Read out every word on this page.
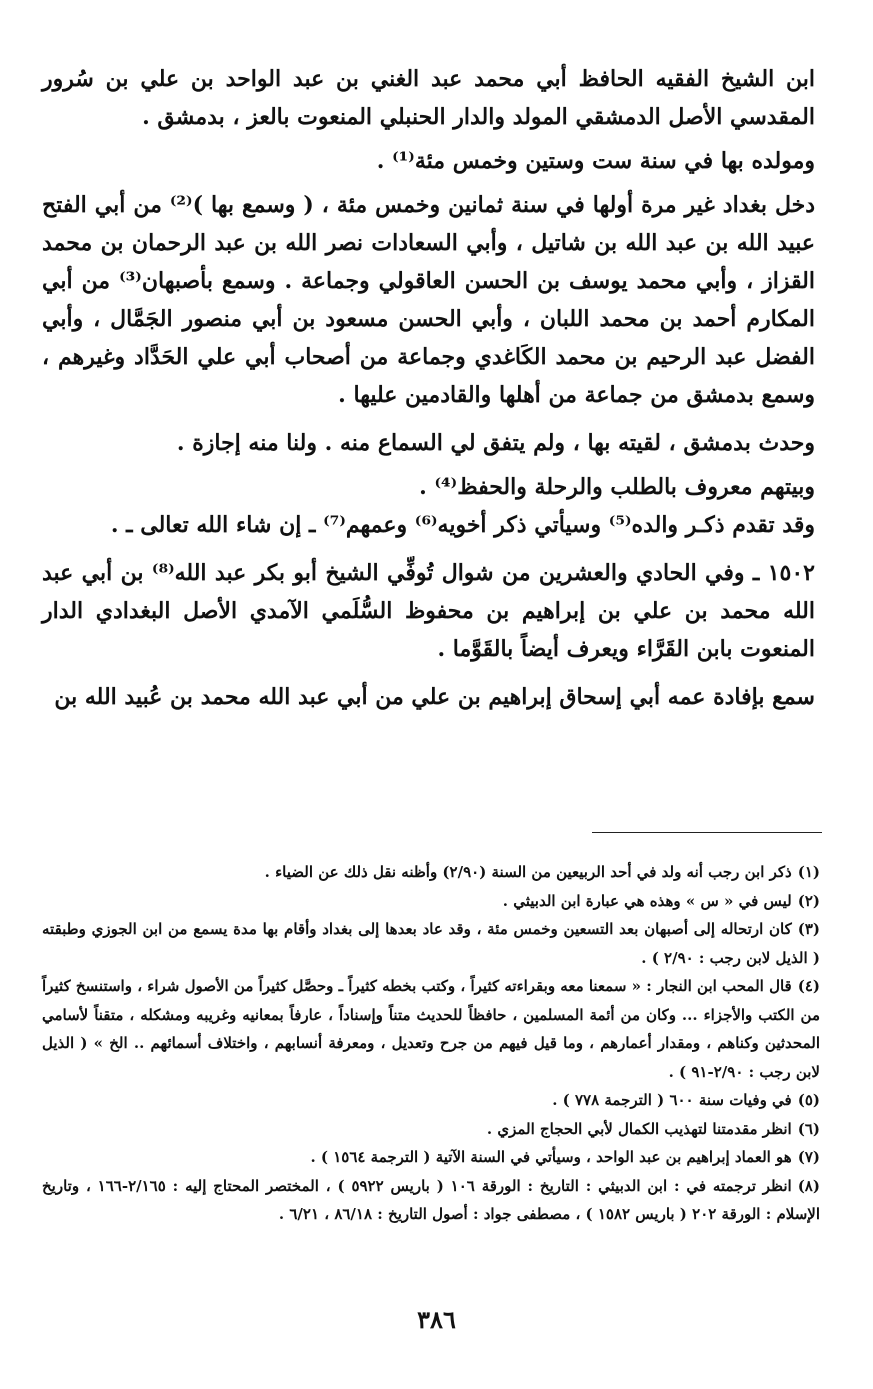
ابن الشيخ الفقيه الحافظ أبي محمد عبد الغني بن عبد الواحد بن علي بن سُرور المقدسي الأصل الدمشقي المولد والدار الحنبلي المنعوت بالعز ، بدمشق .

ومولده بها في سنة ست وستين وخمس مئة⁽¹⁾ .

دخل بغداد غير مرة أولها في سنة ثمانين وخمس مئة ، ( وسمع بها )⁽²⁾ من أبي الفتح عبيد الله بن عبد الله بن شاتيل ، وأبي السعادات نصر الله بن عبد الرحمان بن محمد القزاز ، وأبي محمد يوسف بن الحسن العاقولي وجماعة . وسمع بأصبهان⁽³⁾ من أبي المكارم أحمد بن محمد اللبان ، وأبي الحسن مسعود بن أبي منصور الجَمَّال ، وأبي الفضل عبد الرحيم بن محمد الكَاغدي وجماعة من أصحاب أبي علي الحَدَّاد وغيرهم ، وسمع بدمشق من جماعة من أهلها والقادمين عليها .

وحدث بدمشق ، لقيته بها ، ولم يتفق لي السماع منه . ولنا منه إجازة .

وبيتهم معروف بالطلب والرحلة والحفظ⁽⁴⁾ .

وقد تقدم ذكـر والده⁽⁵⁾ وسيأتي ذكر أخويه⁽⁶⁾ وعمهم⁽⁷⁾ ـ إن شاء الله تعالى ـ .

١٥٠٢ ـ وفي الحادي والعشرين من شوال تُوفِّي الشيخ أبو بكر عبد الله⁽⁸⁾ بن أبي عبد الله محمد بن علي بن إبراهيم بن محفوظ السُّلَمي الآمدي الأصل البغدادي الدار المنعوت بابن القَرَّاء ويعرف أيضاً بالقَوَّما .

سمع بإفادة عمه أبي إسحاق إبراهيم بن علي من أبي عبد الله محمد بن عُبيد الله بن

(١)ذكر ابن رجب أنه ولد في أحد الربيعين من السنة (٢/٩٠) وأظنه نقل ذلك عن الضياء .

(٢)ليس في « س » وهذه هي عبارة ابن الدبيثي .

(٣)كان ارتحاله إلى أصبهان بعد التسعين وخمس مئة ، وقد عاد بعدها إلى بغداد وأقام بها مدة يسمع من ابن الجوزي وطبقته ( الذيل لابن رجب : ٢/٩٠ ) .

(٤)قال المحب ابن النجار : « سمعنا معه وبقراءته كثيراً ، وكتب بخطه كثيراً ـ وحصَّل كثيراً من الأصول شراء ، واستنسخ كثيراً من الكتب والأجزاء ... وكان من أئمة المسلمين ، حافظاً للحديث متناً وإسناداً ، عارفاً بمعانيه وغريبه ومشكله ، متقناً لأسامي المحدثين وكناهم ، ومقدار أعمارهم ، وما قيل فيهم من جرح وتعديل ، ومعرفة أنسابهم ، واختلاف أسمائهم .. الخ » ( الذيل لابن رجب : ٢/٩٠-٩١ ) .

(٥)في وفيات سنة ٦٠٠ ( الترجمة ٧٧٨ ) .

(٦)انظر مقدمتنا لتهذيب الكمال لأبي الحجاج المزي .

(٧)هو العماد إبراهيم بن عبد الواحد ، وسيأتي في السنة الآتية ( الترجمة ١٥٦٤ ) .

(٨)انظر ترجمته في : ابن الدبيثي : التاريخ : الورقة ١٠٦ ( باريس ٥٩٢٢ ) ، المختصر المحتاج إليه : ٢/١٦٥-١٦٦ ، وتاريخ الإسلام : الورقة ٢٠٢ ( باريس ١٥٨٢ ) ، مصطفى جواد : أصول التاريخ : ٨٦/١٨ ، ٦/٢١ .

٣٨٦
